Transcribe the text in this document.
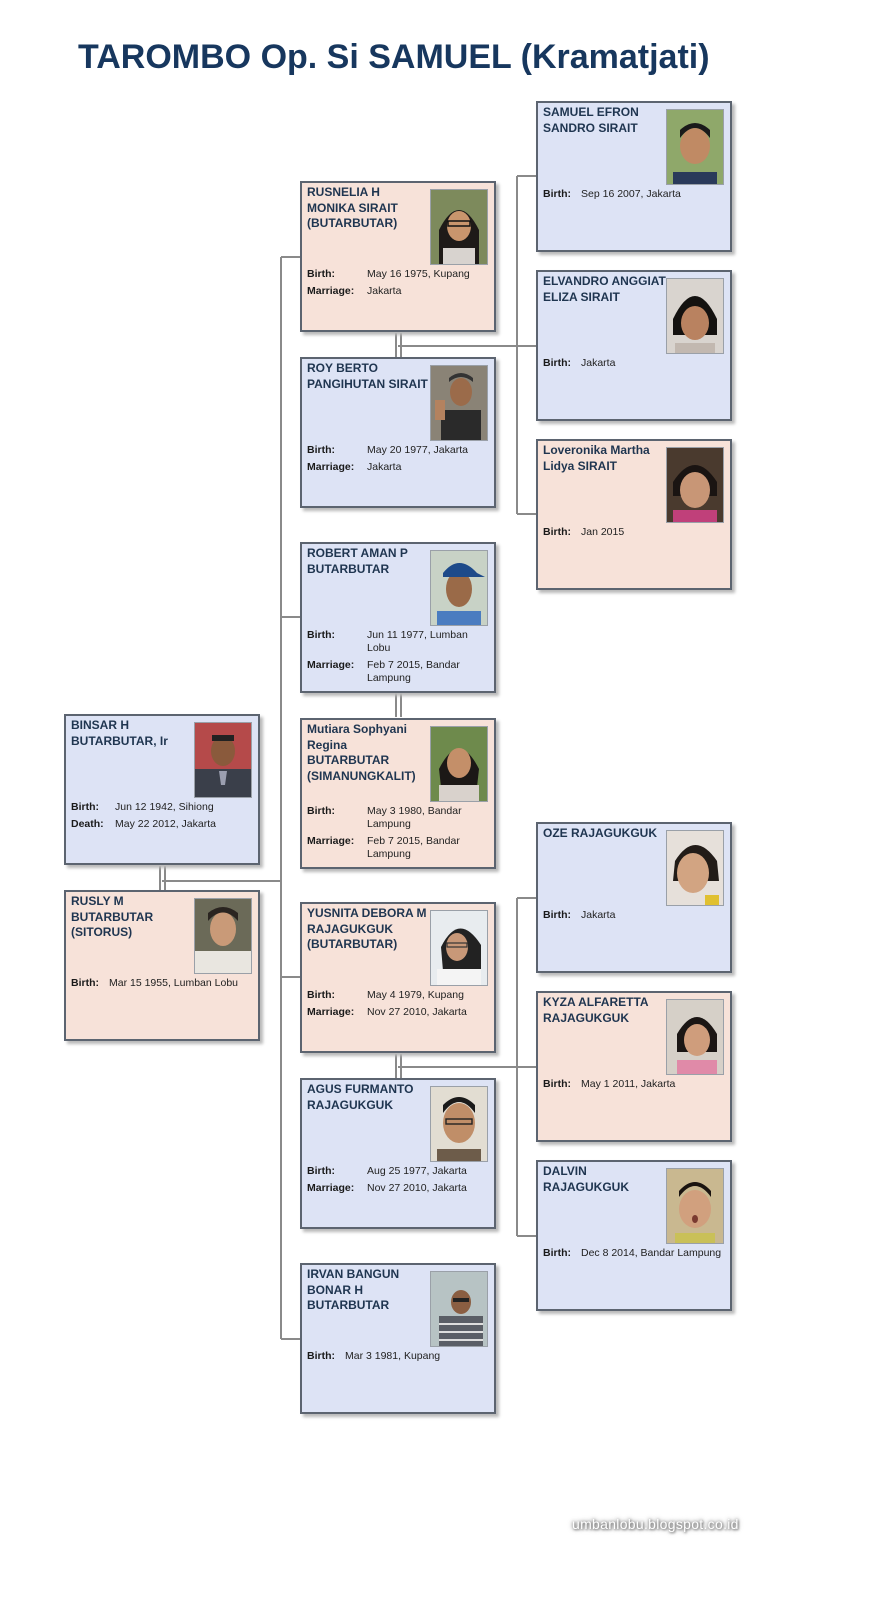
TAROMBO Op. Si SAMUEL (Kramatjati)
BINSAR H BUTARBUTAR, Ir
Birth:	Jun 12 1942, Sihiong
Death:	May 22 2012, Jakarta
RUSLY M BUTARBUTAR (SITORUS)
Birth: Mar 15 1955, Lumban Lobu
RUSNELIA H MONIKA SIRAIT (BUTARBUTAR)
Birth:	May 16 1975, Kupang
Marriage:	Jakarta
ROY BERTO PANGIHUTAN SIRAIT
Birth:	May 20 1977, Jakarta
Marriage:	Jakarta
ROBERT AMAN P BUTARBUTAR
Birth:	Jun 11 1977, Lumban Lobu
Marriage:	Feb 7 2015, Bandar Lampung
Mutiara Sophyani Regina BUTARBUTAR (SIMANUNGKALIT)
Birth:	May 3 1980, Bandar Lampung
Marriage:	Feb 7 2015, Bandar Lampung
YUSNITA DEBORA M RAJAGUKGUK (BUTARBUTAR)
Birth:	May 4 1979, Kupang
Marriage:	Nov 27 2010, Jakarta
AGUS FURMANTO RAJAGUKGUK
Birth:	Aug 25 1977, Jakarta
Marriage:	Nov 27 2010, Jakarta
IRVAN BANGUN BONAR H BUTARBUTAR
Birth: Mar 3 1981, Kupang
SAMUEL EFRON SANDRO SIRAIT
Birth: Sep 16 2007, Jakarta
ELVANDRO ANGGIAT ELIZA SIRAIT
Birth: Jakarta
Loveronika Martha Lidya SIRAIT
Birth: Jan 2015
OZE RAJAGUKGUK
Birth: Jakarta
KYZA ALFARETTA RAJAGUKGUK
Birth: May 1 2011, Jakarta
DALVIN RAJAGUKGUK
Birth: Dec 8 2014, Bandar Lampung
umbanlobu.blogspot.co.id
